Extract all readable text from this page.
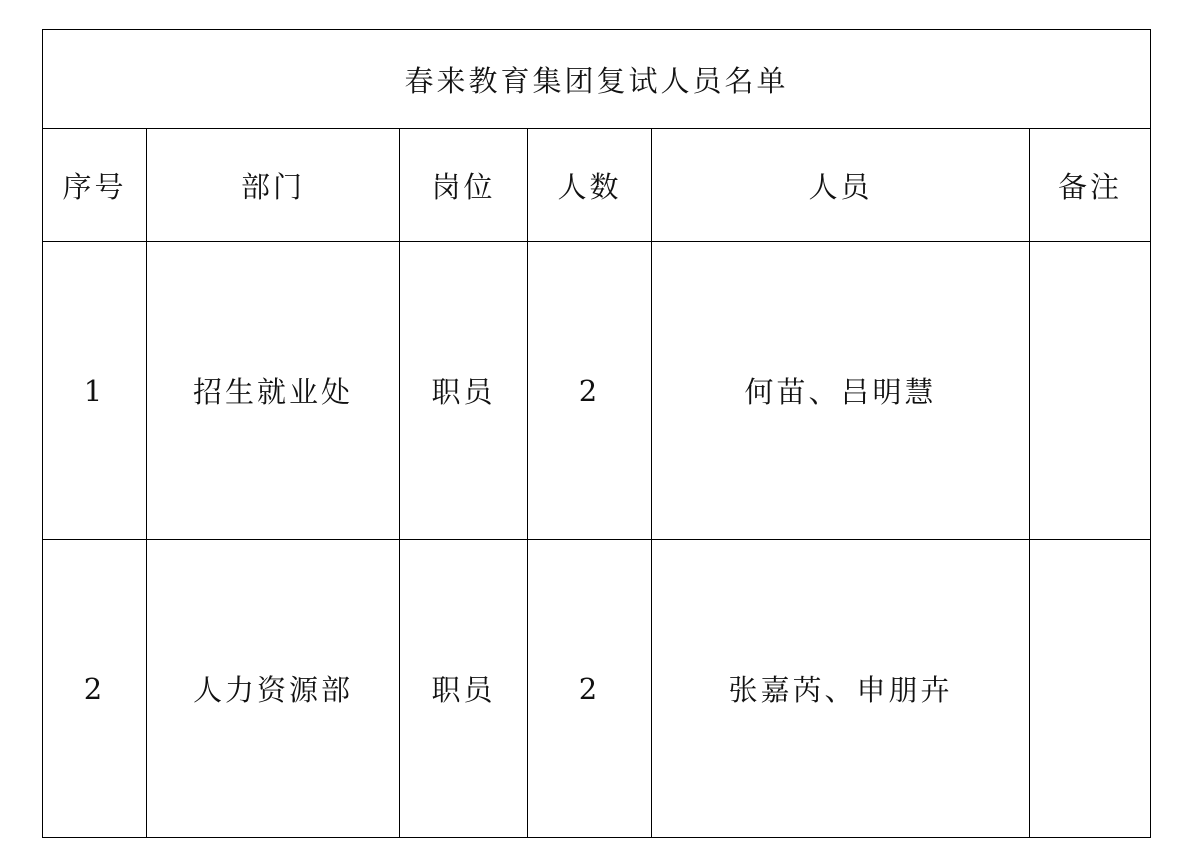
春来教育集团复试人员名单					
序号	部门	岗位	人数	人员	备注
1	招生就业处	职员	2	何苗、吕明慧	
2	人力资源部	职员	2	张嘉芮、申朋卉	
